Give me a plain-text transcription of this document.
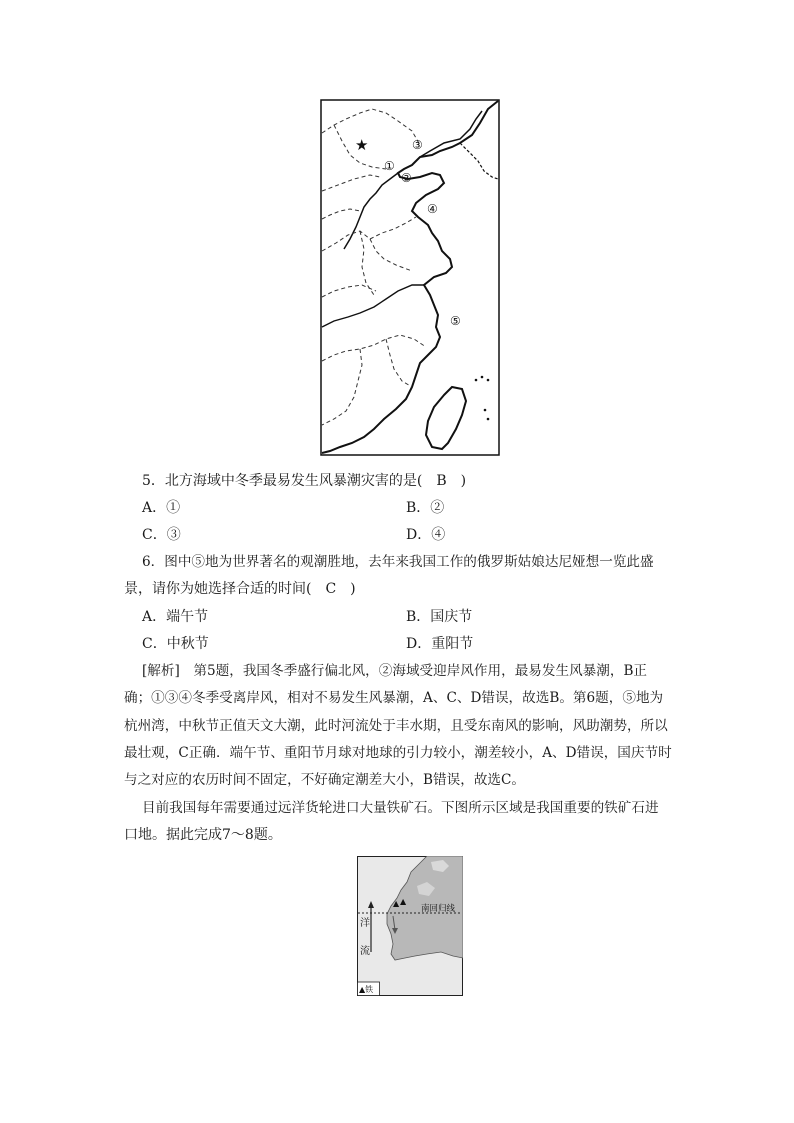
★	③
①
②
④
⑤
5．北方海域中冬季最易发生风暴潮灾害的是(　B　)
A．①	B．②
C．③	D．④
6．图中⑤地为世界著名的观潮胜地，去年来我国工作的俄罗斯姑娘达尼娅想一览此盛
景，请你为她选择合适的时间(　C　)
A．端午节	B．国庆节
C．中秋节	D．重阳节
[解析]　第5题，我国冬季盛行偏北风，②海域受迎岸风作用，最易发生风暴潮，B正
确；①③④冬季受离岸风，相对不易发生风暴潮，A、C、D错误，故选B。第6题，⑤地为
杭州湾，中秋节正值天文大潮，此时河流处于丰水期，且受东南风的影响，风助潮势，所以
最壮观，C正确．端午节、重阳节月球对地球的引力较小，潮差较小，A、D错误，国庆节时
与之对应的农历时间不固定，不好确定潮差大小，B错误，故选C。
目前我国每年需要通过远洋货轮进口大量铁矿石。下图所示区域是我国重要的铁矿石进
口地。据此完成7～8题。
南回归线
▲ ▲
洋
流
▲铁
